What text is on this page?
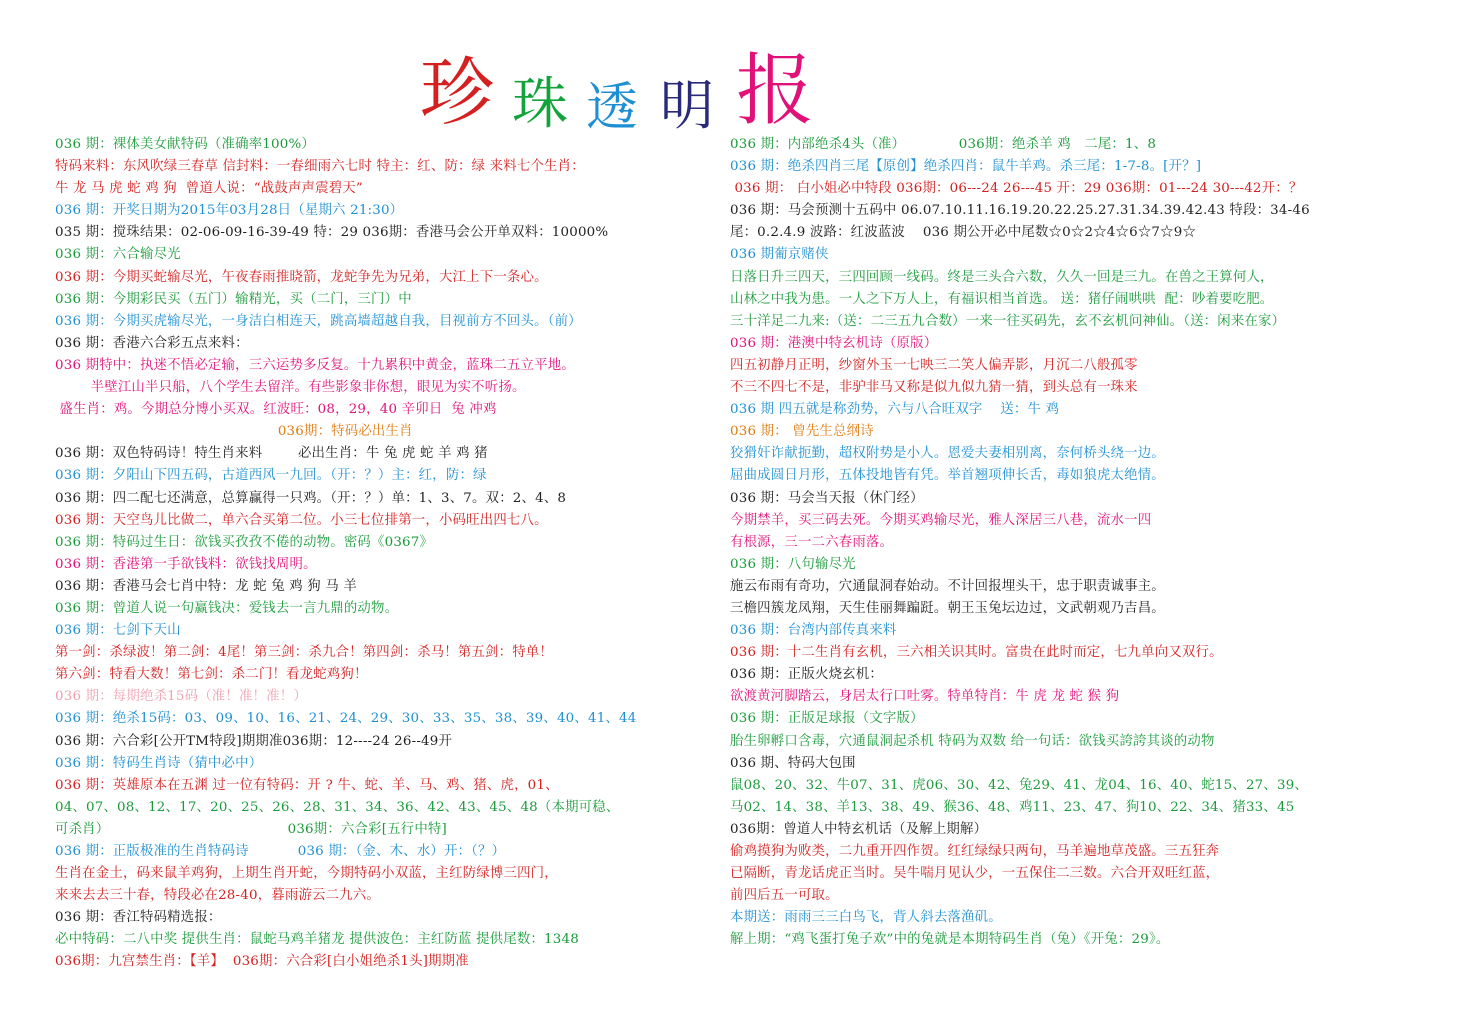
珍 珠 透 明 报
036 期：裸体美女献特码（准确率100%）
特码来料：东风吹绿三春草 信封料：一春细雨六七时 特主：红、防：绿 来料七个生肖：
牛 龙 马 虎 蛇 鸡 狗  曾道人说：“战鼓声声震碧天”
036 期：开奖日期为2015年03月28日（星期六 21:30）
035 期：搅珠结果：02-06-09-16-39-49 特：29 036期：香港马会公开单双料：10000%
036 期：六合输尽光
036 期：今期买蛇输尽光，午夜春雨推晓箭，龙蛇争先为兄弟，大江上下一条心。
036 期：今期彩民买（五门）输精光，买（二门，三门）中
036 期：今期买虎输尽光，一身洁白相连天，跳高墙超越自我，目视前方不回头。（前）
036 期：香港六合彩五点来料：
036 期特中：执迷不悟必定输，三六运势多反复。十九累积中黄金，蓝珠二五立平地。
半壁江山半只船，八个学生去留洋。有些影象非你想，眼见为实不听扬。
盛生肖：鸡。今期总分博小买双。红波旺：08，29，40 辛卯日  兔 冲鸡
036期：特码必出生肖
036 期：双色特码诗！特生肖来料        必出生肖：牛 兔 虎 蛇 羊 鸡 猪
036 期：夕阳山下四五码，古道西风一九回。（开：？）主：红，防：绿
036 期：四二配七还满意，总算赢得一只鸡。（开：？）单：1、3、7。双：2、4、8
036 期：天空鸟儿比做二，单六合买第二位。小三七位排第一，小码旺出四七八。
036 期：特码过生日：欲钱买孜孜不倦的动物。密码《0367》
036 期：香港第一手欲钱料：欲钱找周明。
036 期：香港马会七肖中特：龙 蛇 兔 鸡 狗 马 羊
036 期：曾道人说一句赢钱决：爱钱去一言九鼎的动物。
036 期：七剑下天山
第一剑：杀绿波！第二剑：4尾！第三剑：杀九合！第四剑：杀马！第五剑：特单！
第六剑：特看大数！第七剑：杀二门！看龙蛇鸡狗！
036 期：每期绝杀15码（准！准！准！）
036 期：绝杀15码：03、09、10、16、21、24、29、30、33、35、38、39、40、41、44
036 期：六合彩[公开TM特段]期期准036期：12----24 26--49开
036 期：特码生肖诗（猜中必中）
036 期：英雄原本在五渊 过一位有特码：开 ? 牛、蛇、羊、马、鸡、猪、虎，01、
04、07、08、12、17、20、25、26、28、31、34、36、42、43、45、48（本期可稳、
可杀肖）                                        036期：六合彩[五行中特]
036 期：正版极准的生肖特码诗           036 期：（金、木、水）开：（？）
生肖在金土，码来鼠羊鸡狗，上期生肖开蛇，今期特码小双蓝，主红防绿博三四门，
来来去去三十春，特段必在28-40，暮雨游云二九六。
036 期：香江特码精选报：
必中特码：二八中奖 提供生肖：鼠蛇马鸡羊猪龙 提供波色：主红防蓝 提供尾数：1348
036期：九宫禁生肖：【羊】  036期：六合彩[白小姐绝杀1头]期期准
036 期：内部绝杀4头（准）            036期：绝杀羊 鸡   二尾：1、8
036 期：绝杀四肖三尾【原创】绝杀四肖：鼠牛羊鸡。杀三尾：1-7-8。[开？]
036 期： 白小姐必中特段 036期：06---24 26---45 开：29 036期：01---24 30---42开：？
036 期：马会预测十五码中 06.07.10.11.16.19.20.22.25.27.31.34.39.42.43 特段：34-46
尾：0.2.4.9 波路：红波蓝波    036 期公开必中尾数☆0☆2☆4☆6☆7☆9☆
036 期葡京赌侠
日落日升三四天，三四回顾一线码。终是三头合六数，久久一回是三九。在兽之王算何人，
山林之中我为患。一人之下万人上，有福识相当首选。 送：猪仔闹哄哄  配：吵着要吃肥。
三十洋足二九来:（送：二三五九合数）一来一往买码先，玄不玄机问神仙。（送：闲来在家）
036 期：港澳中特玄机诗（原版）
四五初静月正明，纱窗外玉一七映三二笑人偏弄影，月沉二八般孤零
不三不四七不是，非驴非马又称是似九似九猜一猜，到头总有一珠来
036 期 四五就是称劲势，六与八合旺双字    送：牛 鸡
036 期： 曾先生总纲诗
狡猾奸诈献扼勤，超权附势是小人。恩爱夫妻相别离，奈何桥头绕一边。
屈曲成圆日月形，五体投地皆有凭。举首翘项伸长舌，毒如狼虎太绝情。
036 期：马会当天报（休门经）
今期禁羊，买三码去死。今期买鸡输尽光，雅人深居三八巷，流水一四
有根源，三一二六春雨落。
036 期：八句输尽光
施云布雨有奇功，穴通鼠洞春始动。不计回报埋头干，忠于职责诚事主。
三檐四簇龙凤翔，天生佳丽舞蹁跹。朝王玉兔坛边过，文武朝观乃吉昌。
036 期：台湾内部传真来料
036 期：十二生肖有玄机，三六相关识其时。富贵在此时而定，七九单向又双行。
036 期：正版火烧玄机：
欲渡黄河脚踏云，身居太行口吐雾。特单特肖：牛 虎 龙 蛇 猴 狗
036 期：正版足球报（文字版）
胎生卵孵口含毒，穴通鼠洞起杀机 特码为双数 给一句话：欲钱买誇誇其谈的动物
036 期、特码大包围
鼠08、20、32、牛07、31、虎06、30、42、兔29、41、龙04、16、40、蛇15、27、39、
马02、14、38、羊13、38、49、猴36、48、鸡11、23、47、狗10、22、34、猪33、45
036期：曾道人中特玄机话（及解上期解）
偷鸡摸狗为败类，二九重开四作贺。红红绿绿只两句，马羊遍地草茂盛。三五狂奔
已隔断，青龙话虎正当时。吴牛喘月见认少，一五保住二三数。六合开双旺红蓝，
前四后五一可取。
本期送：雨雨三三白鸟飞，背人斜去落渔矶。
解上期：“鸡飞蛋打兔子欢”中的兔就是本期特码生肖（兔）《开兔：29》。
